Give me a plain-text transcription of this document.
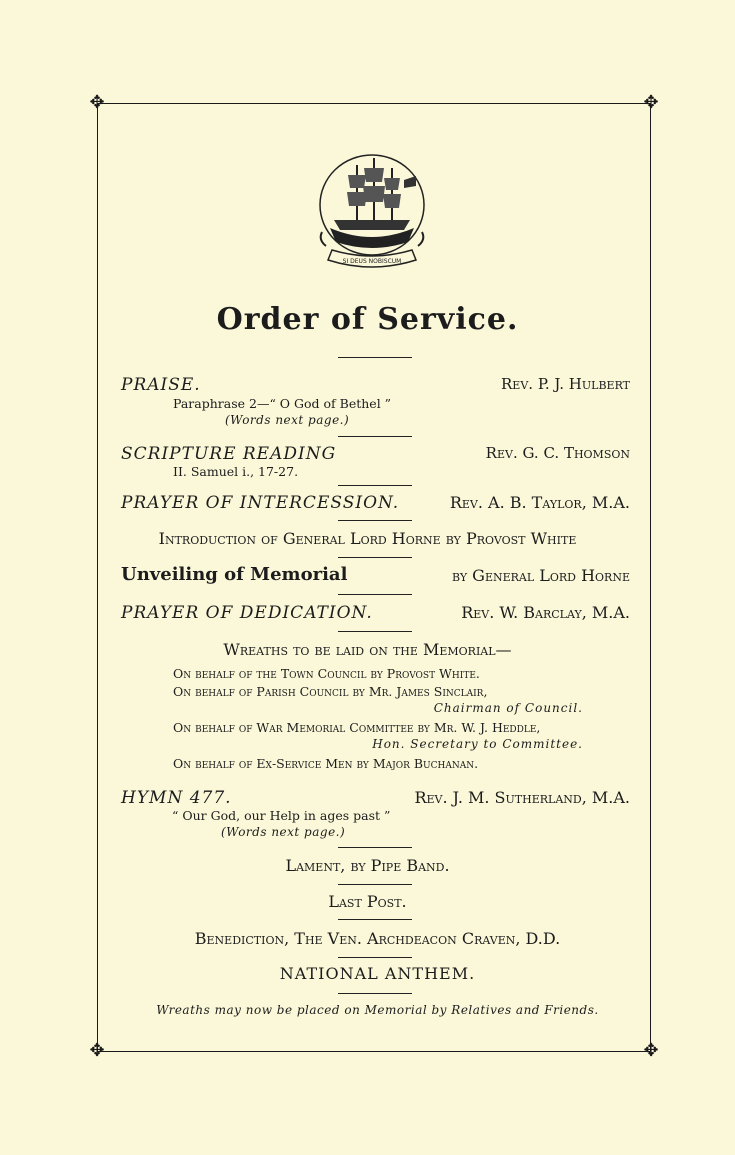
✥	✥
✥	✥
SI DEUS NOBISCUM
Order of Service.
PRAISE.	Rev. P. J. Hulbert
Paraphrase 2—“ O God of Bethel ”
(Words next page.)
SCRIPTURE READING	Rev. G. C. Thomson
II. Samuel i., 17-27.
PRAYER OF INTERCESSION.	Rev. A. B. Taylor, M.A.
Introduction of General Lord Horne by Provost White
Unveiling of Memorial	by General Lord Horne
PRAYER OF DEDICATION.	Rev. W. Barclay, M.A.
Wreaths to be laid on the Memorial—
On behalf of the Town Council by Provost White.
On behalf of Parish Council by Mr. James Sinclair,
Chairman of Council.
On behalf of War Memorial Committee by Mr. W. J. Heddle,
Hon. Secretary to Committee.
On behalf of Ex-Service Men by Major Buchanan.
HYMN 477.	Rev. J. M. Sutherland, M.A.
“ Our God, our Help in ages past ”
(Words next page.)
Lament, by Pipe Band.
Last Post.
Benediction, The Ven. Archdeacon Craven, D.D.
NATIONAL ANTHEM.
Wreaths may now be placed on Memorial by Relatives and Friends.
